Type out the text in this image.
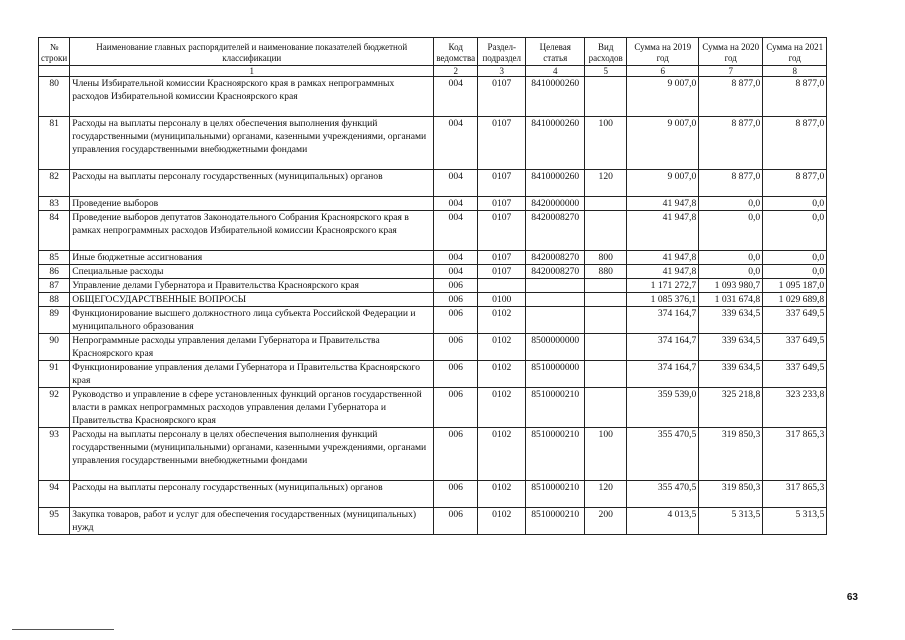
№ строки	Наименование главных распорядителей и наименование показателей бюджетной классификации	Код ведомства	Раздел-подраздел	Целевая статья	Вид расходов	Сумма на 2019 год	Сумма на 2020 год	Сумма на 2021 год
	1	2	3	4	5	6	7	8
80	Члены Избирательной комиссии Красноярского края в рамках непрограммных расходов Избирательной комиссии Красноярского края	004	0107	8410000260		9 007,0	8 877,0	8 877,0
81	Расходы на выплаты персоналу в целях обеспечения выполнения функций государственными (муниципальными) органами, казенными учреждениями, органами управления государственными внебюджетными фондами	004	0107	8410000260	100	9 007,0	8 877,0	8 877,0
82	Расходы на выплаты персоналу государственных (муниципальных) органов	004	0107	8410000260	120	9 007,0	8 877,0	8 877,0
83	Проведение выборов	004	0107	8420000000		41 947,8	0,0	0,0
84	Проведение выборов депутатов Законодательного Собрания Красноярского края в рамках непрограммных расходов Избирательной комиссии Красноярского края	004	0107	8420008270		41 947,8	0,0	0,0
85	Иные бюджетные ассигнования	004	0107	8420008270	800	41 947,8	0,0	0,0
86	Специальные расходы	004	0107	8420008270	880	41 947,8	0,0	0,0
87	Управление делами Губернатора и Правительства Красноярского края	006				1 171 272,7	1 093 980,7	1 095 187,0
88	ОБЩЕГОСУДАРСТВЕННЫЕ ВОПРОСЫ	006	0100			1 085 376,1	1 031 674,8	1 029 689,8
89	Функционирование высшего должностного лица субъекта Российской Федерации и муниципального образования	006	0102			374 164,7	339 634,5	337 649,5
90	Непрограммные расходы управления делами Губернатора и Правительства Красноярского края	006	0102	8500000000		374 164,7	339 634,5	337 649,5
91	Функционирование управления делами Губернатора и Правительства Красноярского края	006	0102	8510000000		374 164,7	339 634,5	337 649,5
92	Руководство и управление в сфере установленных функций органов государственной власти в рамках непрограммных расходов управления делами Губернатора и Правительства Красноярского края	006	0102	8510000210		359 539,0	325 218,8	323 233,8
93	Расходы на выплаты персоналу в целях обеспечения выполнения функций государственными (муниципальными) органами, казенными учреждениями, органами управления государственными внебюджетными фондами	006	0102	8510000210	100	355 470,5	319 850,3	317 865,3
94	Расходы на выплаты персоналу государственных (муниципальных) органов	006	0102	8510000210	120	355 470,5	319 850,3	317 865,3
95	Закупка товаров, работ и услуг для обеспечения государственных (муниципальных) нужд	006	0102	8510000210	200	4 013,5	5 313,5	5 313,5
63
